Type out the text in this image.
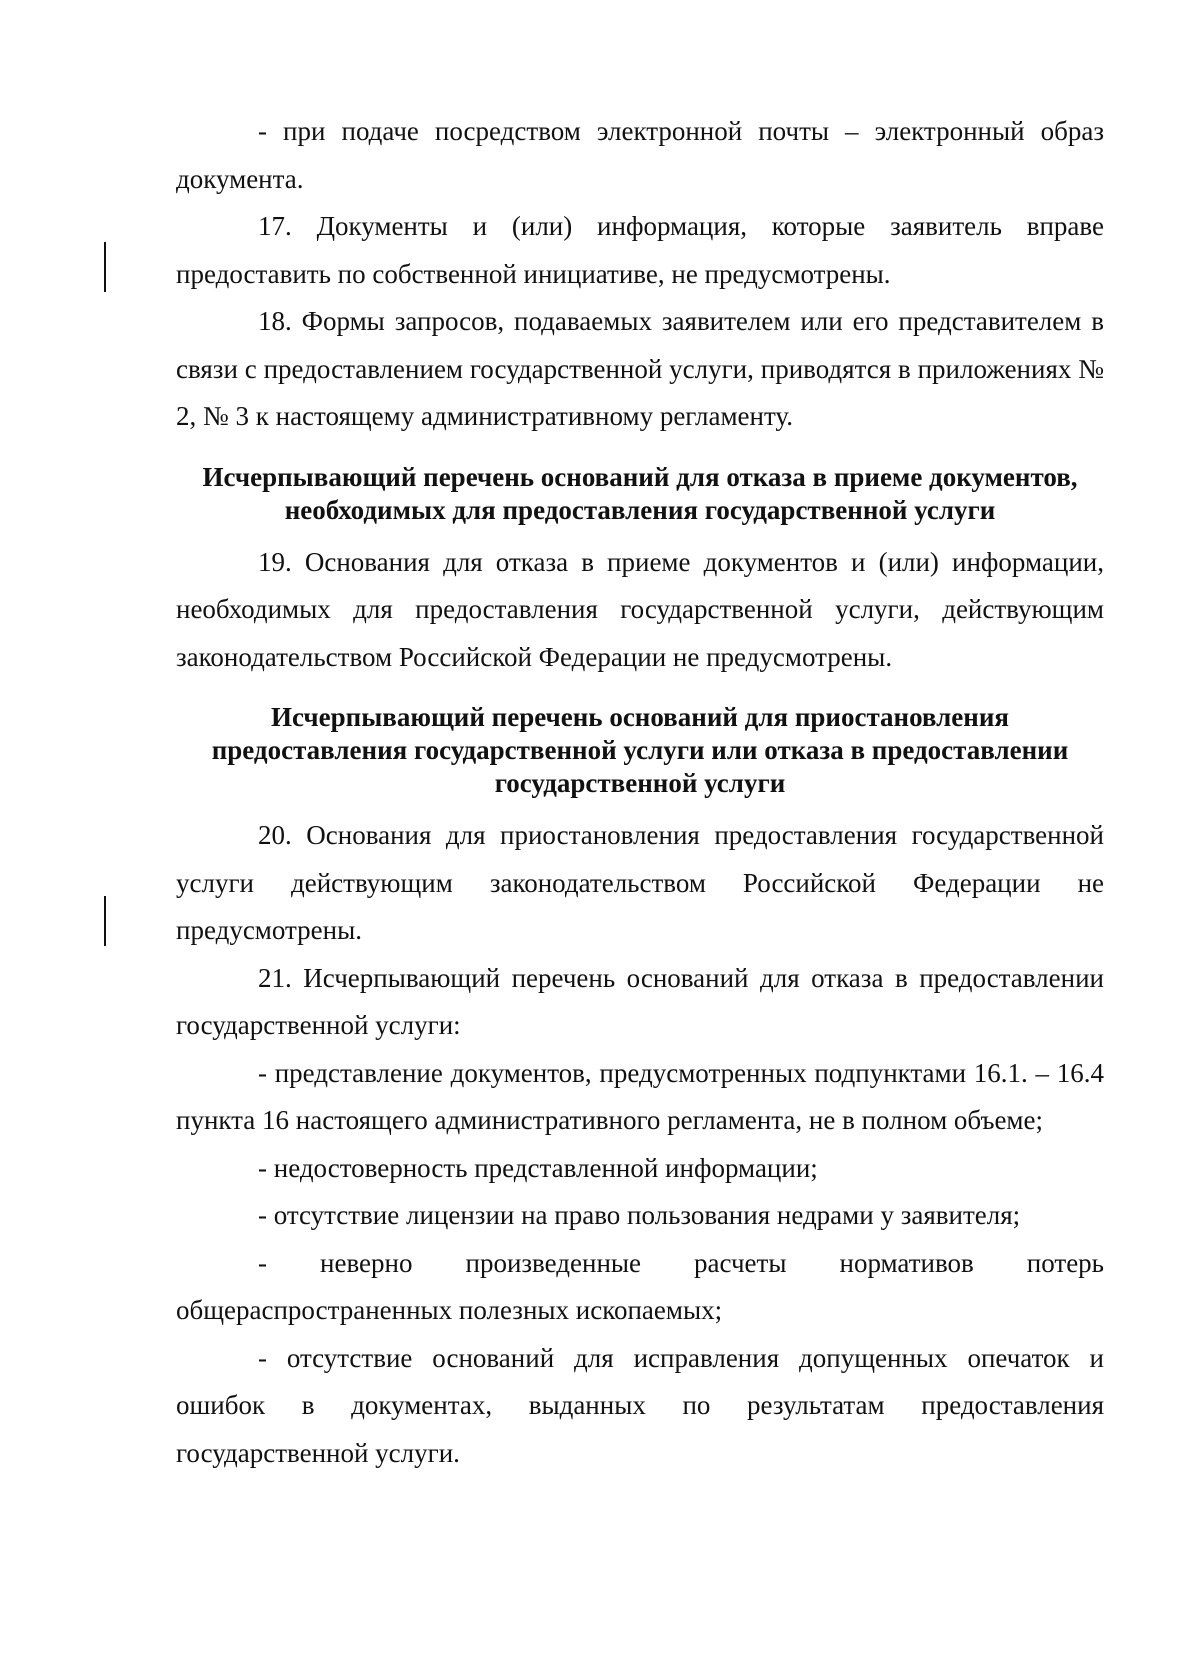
- при подаче посредством электронной почты – электронный образ документа.

17. Документы и (или) информация, которые заявитель вправе предоставить по собственной инициативе, не предусмотрены.

18. Формы запросов, подаваемых заявителем или его представителем в связи с предоставлением государственной услуги, приводятся в приложениях № 2, № 3 к настоящему административному регламенту.

Исчерпывающий перечень оснований для отказа в приеме документов, необходимых для предоставления государственной услуги

19. Основания для отказа в приеме документов и (или) информации, необходимых для предоставления государственной услуги, действующим законодательством Российской Федерации не предусмотрены.

Исчерпывающий перечень оснований для приостановления предоставления государственной услуги или отказа в предоставлении государственной услуги

20. Основания для приостановления предоставления государственной услуги действующим законодательством Российской Федерации не предусмотрены.

21. Исчерпывающий перечень оснований для отказа в предоставлении государственной услуги:

- представление документов, предусмотренных подпунктами 16.1. – 16.4 пункта 16 настоящего административного регламента, не в полном объеме;

- недостоверность представленной информации;

- отсутствие лицензии на право пользования недрами у заявителя;

- неверно произведенные расчеты нормативов потерь общераспространенных полезных ископаемых;

- отсутствие оснований для исправления допущенных опечаток и ошибок в документах, выданных по результатам предоставления государственной услуги.
